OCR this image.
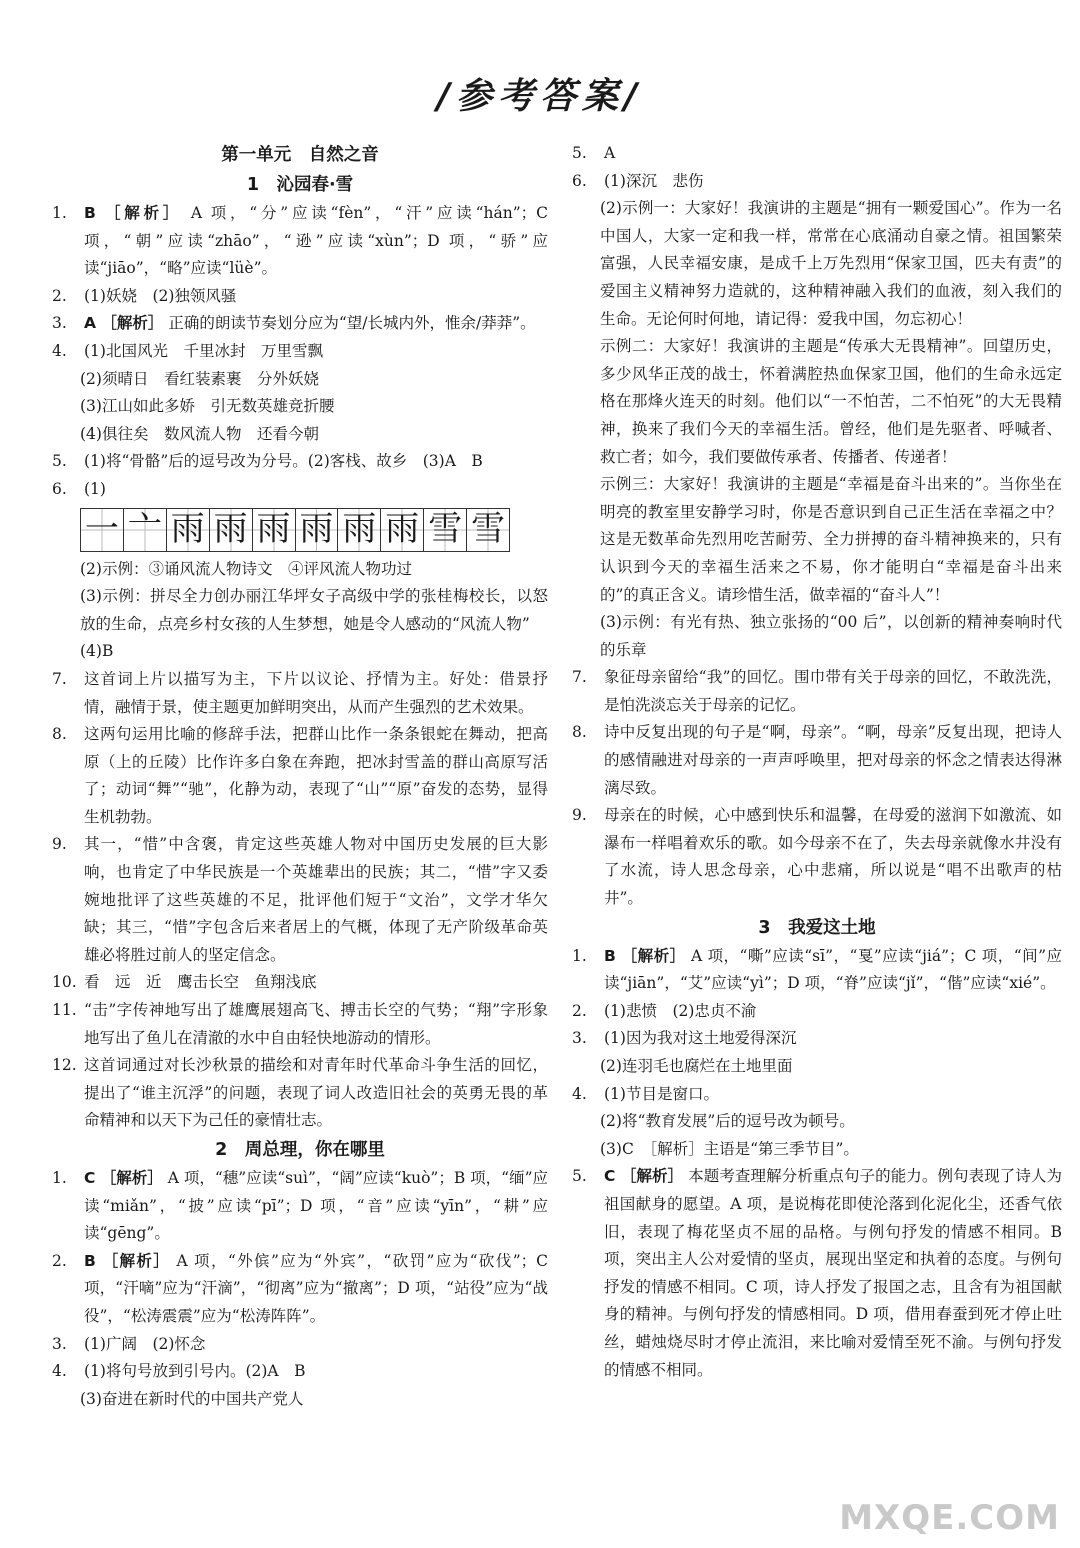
/参考答案/
第一单元　自然之音
1　沁园春·雪
1.	B ［解析］ A 项，“分”应读“fèn”，“汗”应读“hán”；C 项，“朝”应读“zhāo”，“逊”应读“xùn”；D 项，“骄”应读“jiāo”，“略”应读“lüè”。
2.	(1)妖娆　(2)独领风骚
3.	A ［解析］ 正确的朗读节奏划分应为“望/长城内外，惟余/莽莽”。
4.	(1)北国风光　千里冰封　万里雪飘
(2)须晴日　看红装素裹　分外妖娆
(3)江山如此多娇　引无数英雄竞折腰
(4)俱往矣　数风流人物　还看今朝
5.	(1)将“骨骼”后的逗号改为分号。(2)客栈、故乡　(3)A　B
6.	(1)
一 亠 雨 雨 雨 雨 雨 雨 雪 雪
(2)示例：③诵风流人物诗文　④评风流人物功过
(3)示例：拼尽全力创办丽江华坪女子高级中学的张桂梅校长，以怒放的生命，点亮乡村女孩的人生梦想，她是令人感动的“风流人物”
(4)B
7.	这首词上片以描写为主，下片以议论、抒情为主。好处：借景抒情，融情于景，使主题更加鲜明突出，从而产生强烈的艺术效果。
8.	这两句运用比喻的修辞手法，把群山比作一条条银蛇在舞动，把高原（上的丘陵）比作许多白象在奔跑，把冰封雪盖的群山高原写活了；动词“舞”“驰”，化静为动，表现了“山”“原”奋发的态势，显得生机勃勃。
9.	其一，“惜”中含褒，肯定这些英雄人物对中国历史发展的巨大影响，也肯定了中华民族是一个英雄辈出的民族；其二，“惜”字又委婉地批评了这些英雄的不足，批评他们短于“文治”，文学才华欠缺；其三，“惜”字包含后来者居上的气概，体现了无产阶级革命英雄必将胜过前人的坚定信念。
10. 看　远　近　鹰击长空　鱼翔浅底
11. “击”字传神地写出了雄鹰展翅高飞、搏击长空的气势；“翔”字形象地写出了鱼儿在清澈的水中自由轻快地游动的情形。
12. 这首词通过对长沙秋景的描绘和对青年时代革命斗争生活的回忆，提出了“谁主沉浮”的问题，表现了词人改造旧社会的英勇无畏的革命精神和以天下为己任的豪情壮志。
2　周总理，你在哪里
1.	C ［解析］ A 项，“穗”应读“suì”，“阔”应读“kuò”；B 项，“缅”应读“miǎn”，“披”应读“pī”；D 项，“音”应读“yīn”，“耕”应读“gēng”。
2.	B ［解析］ A 项，“外傧”应为“外宾”，“砍罚”应为“砍伐”；C 项，“汗嘀”应为“汗滴”，“彻离”应为“撤离”；D 项，“站役”应为“战役”，“松涛震震”应为“松涛阵阵”。
3.	(1)广阔　(2)怀念
4.	(1)将句号放到引号内。(2)A　B
(3)奋进在新时代的中国共产党人
5.	A
6.	(1)深沉　悲伤
(2)示例一：大家好！我演讲的主题是“拥有一颗爱国心”。作为一名中国人，大家一定和我一样，常常在心底涌动自豪之情。祖国繁荣富强，人民幸福安康，是成千上万先烈用“保家卫国，匹夫有责”的爱国主义精神努力造就的，这种精神融入我们的血液，刻入我们的生命。无论何时何地，请记得：爱我中国，勿忘初心！
示例二：大家好！我演讲的主题是“传承大无畏精神”。回望历史，多少风华正茂的战士，怀着满腔热血保家卫国，他们的生命永远定格在那烽火连天的时刻。他们以“一不怕苦，二不怕死”的大无畏精神，换来了我们今天的幸福生活。曾经，他们是先驱者、呼喊者、救亡者；如今，我们要做传承者、传播者、传递者！
示例三：大家好！我演讲的主题是“幸福是奋斗出来的”。当你坐在明亮的教室里安静学习时，你是否意识到自己正生活在幸福之中？这是无数革命先烈用吃苦耐劳、全力拼搏的奋斗精神换来的，只有认识到今天的幸福生活来之不易，你才能明白“幸福是奋斗出来的”的真正含义。请珍惜生活，做幸福的“奋斗人”！
(3)示例：有光有热、独立张扬的“00 后”，以创新的精神奏响时代的乐章
7.	象征母亲留给“我”的回忆。围巾带有关于母亲的回忆，不敢洗洗，是怕洗淡忘关于母亲的记忆。
8.	诗中反复出现的句子是“啊，母亲”。“啊，母亲”反复出现，把诗人的感情融进对母亲的一声声呼唤里，把对母亲的怀念之情表达得淋漓尽致。
9.	母亲在的时候，心中感到快乐和温馨，在母爱的滋润下如激流、如瀑布一样唱着欢乐的歌。如今母亲不在了，失去母亲就像水井没有了水流，诗人思念母亲，心中悲痛，所以说是“唱不出歌声的枯井”。
3　我爱这土地
1.	B ［解析］ A 项，“嘶”应读“sī”，“戛”应读“jiá”；C 项，“间”应读“jiān”，“艾”应读“yì”；D 项，“脊”应读“jǐ”，“偕”应读“xié”。
2.	(1)悲愤　(2)忠贞不渝
3.	(1)因为我对这土地爱得深沉
(2)连羽毛也腐烂在土地里面
4.	(1)节目是窗口。
(2)将“教育发展”后的逗号改为顿号。
(3)C　［解析］主语是“第三季节目”。
5.	C ［解析］ 本题考查理解分析重点句子的能力。例句表现了诗人为祖国献身的愿望。A 项，是说梅花即使沦落到化泥化尘，还香气依旧，表现了梅花坚贞不屈的品格。与例句抒发的情感不相同。B 项，突出主人公对爱情的坚贞，展现出坚定和执着的态度。与例句抒发的情感不相同。C 项，诗人抒发了报国之志，且含有为祖国献身的精神。与例句抒发的情感相同。D 项，借用春蚕到死才停止吐丝，蜡烛烧尽时才停止流泪，来比喻对爱情至死不渝。与例句抒发的情感不相同。
MXQE.COM
